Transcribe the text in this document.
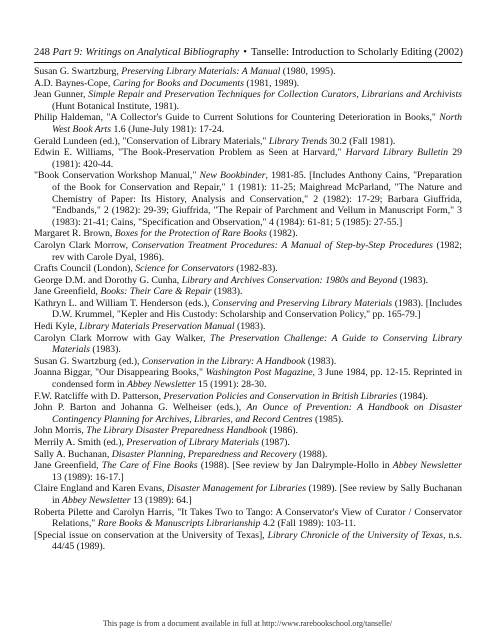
248 Part 9: Writings on Analytical Bibliography • Tanselle: Introduction to Scholarly Editing (2002)

Susan G. Swartzburg, Preserving Library Materials: A Manual (1980, 1995).

A.D. Baynes-Cope, Caring for Books and Documents (1981, 1989).

Jean Gunner, Simple Repair and Preservation Techniques for Collection Curators, Librarians and Archivists (Hunt Botanical Institute, 1981).

Philip Haldeman, "A Collector's Guide to Current Solutions for Countering Deterioration in Books," North West Book Arts 1.6 (June-July 1981): 17-24.

Gerald Lundeen (ed.), "Conservation of Library Materials," Library Trends 30.2 (Fall 1981).

Edwin E. Williams, "The Book-Preservation Problem as Seen at Harvard," Harvard Library Bulletin 29 (1981): 420-44.

"Book Conservation Workshop Manual," New Bookbinder, 1981-85. [Includes Anthony Cains, "Preparation of the Book for Conservation and Repair," 1 (1981): 11-25; Maighread McParland, "The Nature and Chemistry of Paper: Its History, Analysis and Conservation," 2 (1982): 17-29; Barbara Giuffrida, "Endbands," 2 (1982): 29-39; Giuffrida, "The Repair of Parchment and Vellum in Manuscript Form," 3 (1983): 21-41; Cains, "Specification and Observation," 4 (1984): 61-81; 5 (1985): 27-55.]

Margaret R. Brown, Boxes for the Protection of Rare Books (1982).

Carolyn Clark Morrow, Conservation Treatment Procedures: A Manual of Step-by-Step Procedures (1982; rev with Carole Dyal, 1986).

Crafts Council (London), Science for Conservators (1982-83).

George D.M. and Dorothy G. Cunha, Library and Archives Conservation: 1980s and Beyond (1983).

Jane Greenfield, Books: Their Care & Repair (1983).

Kathryn L. and William T. Henderson (eds.), Conserving and Preserving Library Materials (1983). [Includes D.W. Krummel, "Kepler and His Custody: Scholarship and Conservation Policy," pp. 165-79.]

Hedi Kyle, Library Materials Preservation Manual (1983).

Carolyn Clark Morrow with Gay Walker, The Preservation Challenge: A Guide to Conserving Library Materials (1983).

Susan G. Swartzburg (ed.), Conservation in the Library: A Handbook (1983).

Joanna Biggar, "Our Disappearing Books," Washington Post Magazine, 3 June 1984, pp. 12-15. Reprinted in condensed form in Abbey Newsletter 15 (1991): 28-30.

F.W. Ratcliffe with D. Patterson, Preservation Policies and Conservation in British Libraries (1984).

John P. Barton and Johanna G. Welheiser (eds.), An Ounce of Prevention: A Handbook on Disaster Contingency Planning for Archives, Libraries, and Record Centres (1985).

John Morris, The Library Disaster Preparedness Handbook (1986).

Merrily A. Smith (ed.), Preservation of Library Materials (1987).

Sally A. Buchanan, Disaster Planning, Preparedness and Recovery (1988).

Jane Greenfield, The Care of Fine Books (1988). [See review by Jan Dalrymple-Hollo in Abbey Newsletter 13 (1989): 16-17.]

Claire England and Karen Evans, Disaster Management for Libraries (1989). [See review by Sally Buchanan in Abbey Newsletter 13 (1989): 64.]

Roberta Pilette and Carolyn Harris, "It Takes Two to Tango: A Conservator's View of Curator / Conservator Relations," Rare Books & Manuscripts Librarianship 4.2 (Fall 1989): 103-11.

[Special issue on conservation at the University of Texas], Library Chronicle of the University of Texas, n.s. 44/45 (1989).

This page is from a document available in full at http://www.rarebookschool.org/tanselle/
